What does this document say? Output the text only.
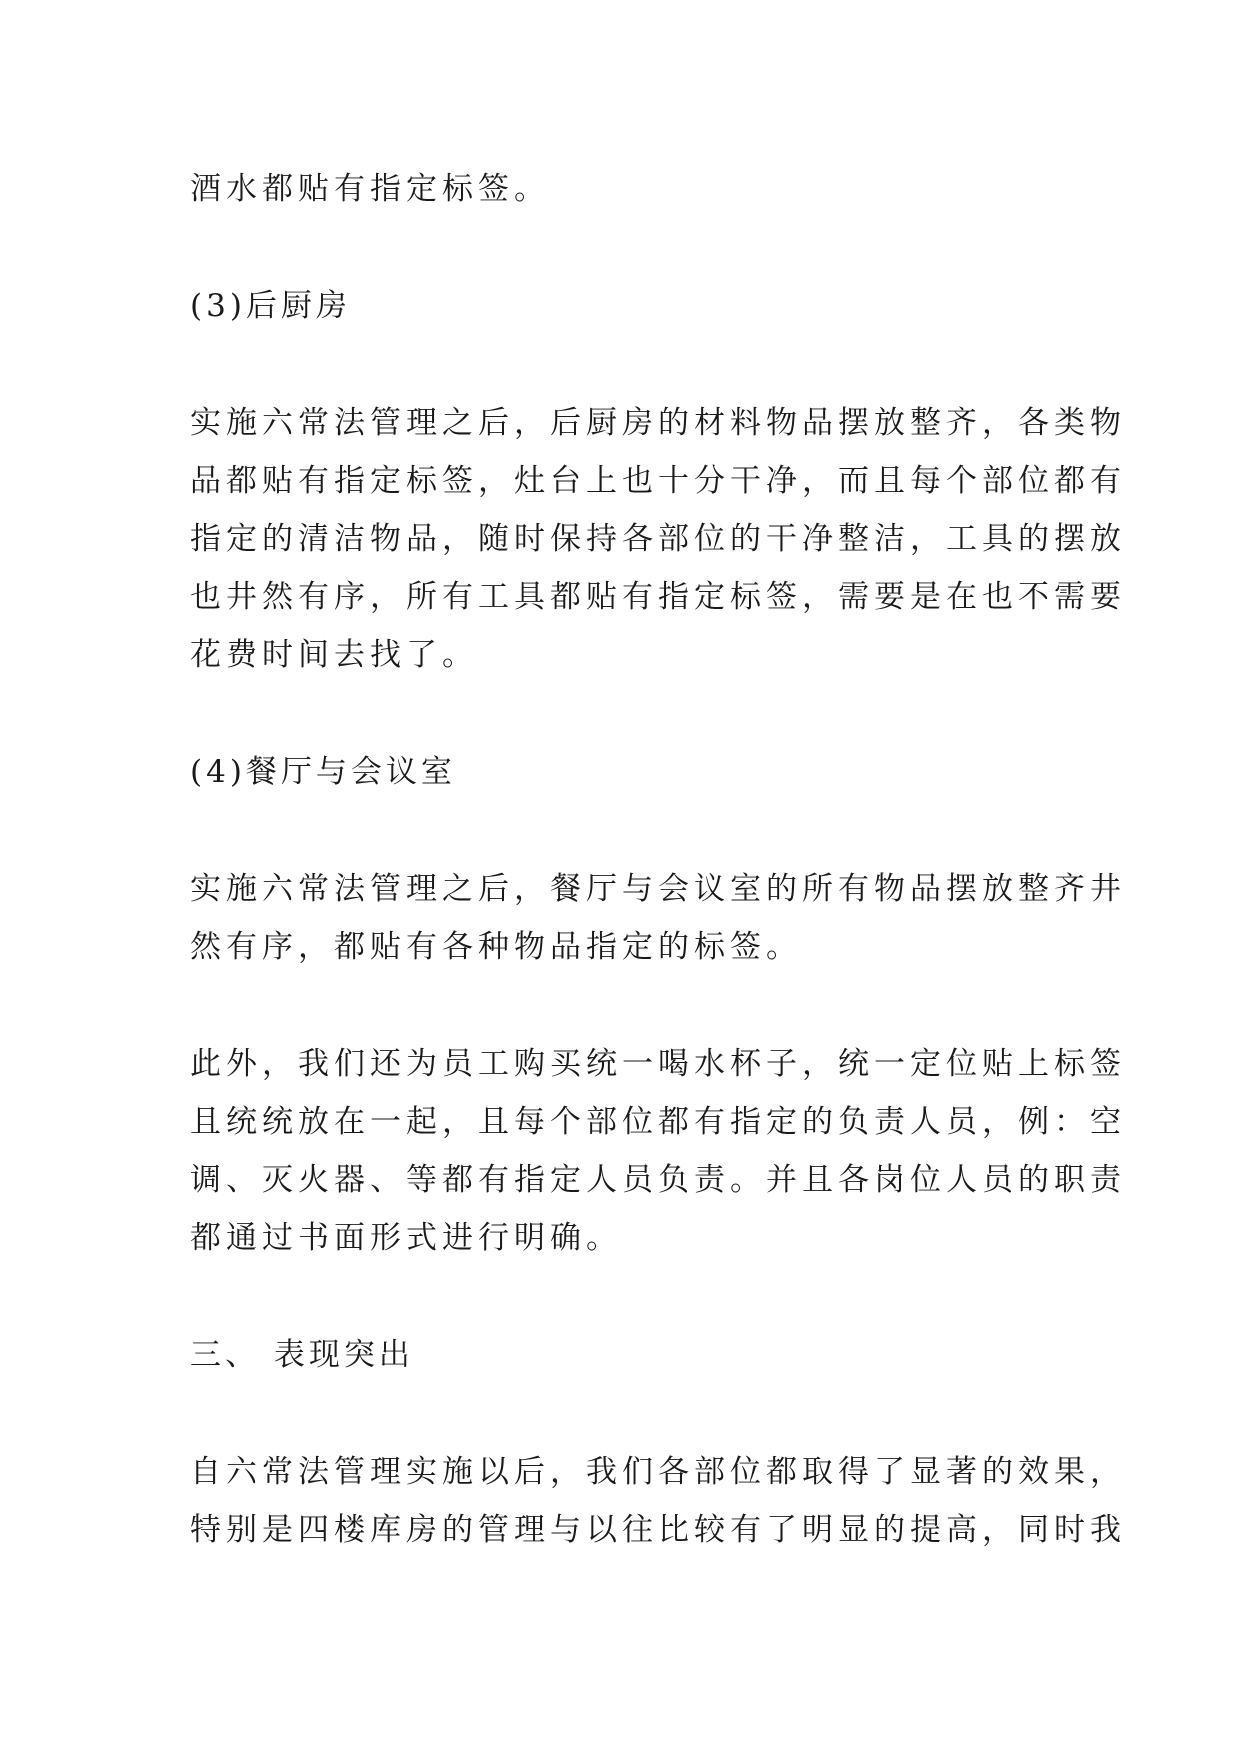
酒水都贴有指定标签。
(3)后厨房
实施六常法管理之后，后厨房的材料物品摆放整齐，各类物
品都贴有指定标签，灶台上也十分干净，而且每个部位都有
指定的清洁物品，随时保持各部位的干净整洁，工具的摆放
也井然有序，所有工具都贴有指定标签，需要是在也不需要
花费时间去找了。
(4)餐厅与会议室
实施六常法管理之后，餐厅与会议室的所有物品摆放整齐井
然有序，都贴有各种物品指定的标签。
此外，我们还为员工购买统一喝水杯子，统一定位贴上标签
且统统放在一起，且每个部位都有指定的负责人员，例：空
调、灭火器、等都有指定人员负责。并且各岗位人员的职责
都通过书面形式进行明确。
三、 表现突出
自六常法管理实施以后，我们各部位都取得了显著的效果，
特别是四楼库房的管理与以往比较有了明显的提高，同时我
